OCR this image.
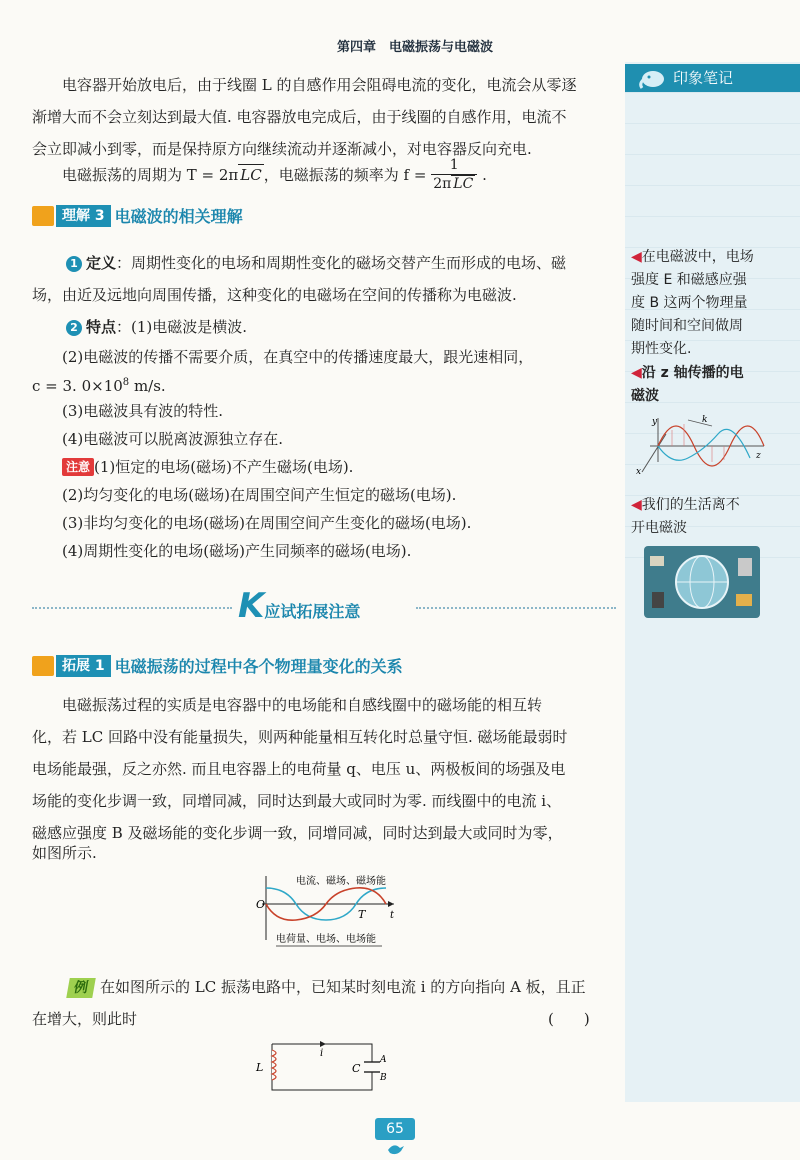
第四章　电磁振荡与电磁波
印象笔记
◀在电磁波中，电场
强度 E 和磁感应强
度 B 这两个物理量
随时间和空间做周
期性变化.
◀沿 z 轴传播的电
磁波
y
x
z
k
◀我们的生活离不
开电磁波
电容器开始放电后，由于线圈 L 的自感作用会阻碍电流的变化，电流会从零逐
渐增大而不会立刻达到最大值. 电容器放电完成后，由于线圈的自感作用，电流不
会立即减小到零，而是保持原方向继续流动并逐渐减小，对电容器反向充电.
电磁振荡的周期为 T = 2π LC ，电磁振荡的频率为 $f = \frac{1}{\text{2π LC}}$ .
理解 3 电磁波的相关理解
1 定义：周期性变化的电场和周期性变化的磁场交替产生而形成的电场、磁
场，由近及远地向周围传播，这种变化的电磁场在空间的传播称为电磁波.
2 特点：(1)电磁波是横波.
(2)电磁波的传播不需要介质，在真空中的传播速度最大，跟光速相同，
c = 3. $0\times 10^8$ m/s.
(3)电磁波具有波的特性.
(4)电磁波可以脱离波源独立存在.
注意 (1)恒定的电场(磁场)不产生磁场(电场).
(2)均匀变化的电场(磁场)在周围空间产生恒定的磁场(电场).
(3)非均匀变化的电场(磁场)在周围空间产生变化的磁场(电场).
(4)周期性变化的电场(磁场)产生同频率的磁场(电场).
K应试拓展注意
拓展 1 电磁振荡的过程中各个物理量变化的关系
电磁振荡过程的实质是电容器中的电场能和自感线圈中的磁场能的相互转
化，若 LC 回路中没有能量损失，则两种能量相互转化时总量守恒. 磁场能最弱时
电场能最强，反之亦然. 而且电容器上的电荷量 q、电压 u、两极板间的场强及电
场能的变化步调一致，同增同减，同时达到最大或同时为零. 而线圈中的电流 i、
磁感应强度 B 及磁场能的变化步调一致，同增同减，同时达到最大或同时为零，
如图所示.
O
T t
电流、磁场、磁场能
电荷量、电场、电场能
例 在如图所示的 LC 振荡电路中，已知某时刻电流 i 的方向指向 A 板，且正
在增大，则此时	(　　)
i
L	C
A
B
65
